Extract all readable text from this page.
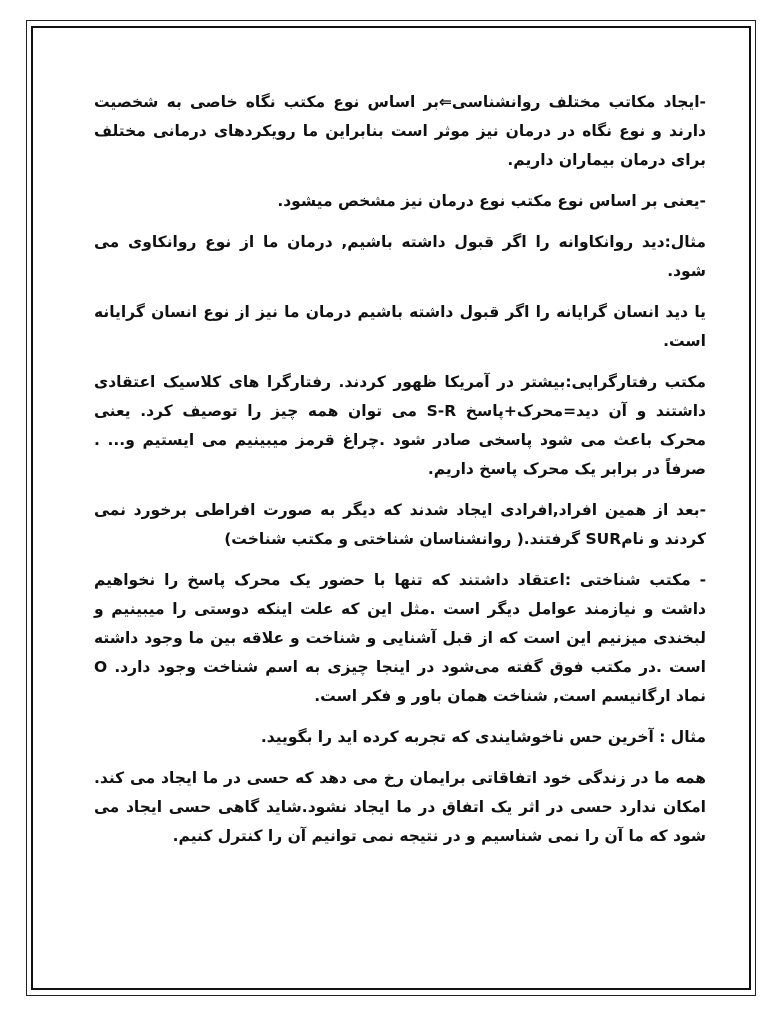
-ایجاد مکاتب مختلف روانشناسی⇐بر اساس نوع مکتب نگاه خاصی به شخصیت دارند و نوع نگاه در درمان نیز موثر است بنابراین ما رویکردهای درمانی مختلف برای درمان بیماران داریم.

-یعنی بر اساس نوع مکتب نوع درمان نیز مشخص میشود.

مثال:دید روانکاوانه را اگر قبول داشته باشیم, درمان ما از نوع روانکاوی می شود.

یا دید انسان گرایانه را اگر قبول داشته باشیم درمان ما نیز از نوع انسان گرایانه است.

مکتب رفتارگرایی:بیشتر در آمریکا ظهور کردند. رفتارگرا های کلاسیک اعتقادی داشتند و آن دید=محرک+پاسخ S-R می توان همه چیز را توصیف کرد. یعنی محرک باعث می شود پاسخی صادر شود .چراغ قرمز میبینیم می ایستیم و... . صرفاً در برابر یک محرک پاسخ داریم.

-بعد از همین افراد,افرادی ایجاد شدند که دیگر به صورت افراطی برخورد نمی کردند و نامSUR گرفتند.( روانشناسان شناختی و مکتب شناخت)

- مکتب شناختی :اعتقاد داشتند که تنها با حضور یک محرک پاسخ را نخواهیم داشت و نیازمند عوامل دیگر است .مثل این که علت اینکه دوستی را میبینیم و لبخندی میزنیم این است که از قبل آشنایی و شناخت و علاقه بین ما وجود داشته است .در مکتب فوق گفته می‌شود در اینجا چیزی به اسم شناخت وجود دارد. O نماد ارگانیسم است, شناخت همان باور و فکر است.

مثال : آخرین حس ناخوشایندی که تجربه کرده اید را بگویید.

همه ما در زندگی خود اتفاقاتی برایمان رخ می دهد که حسی در ما ایجاد می کند. امکان ندارد حسی در اثر یک اتفاق در ما ایجاد نشود.شاید گاهی حسی ایجاد می شود که ما آن را نمی شناسیم و در نتیجه نمی توانیم آن را کنترل کنیم.
